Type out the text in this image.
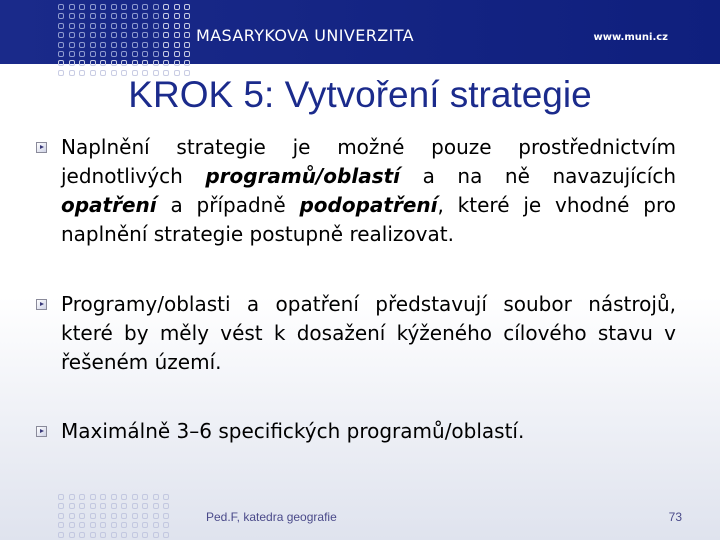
MASARYKOVA UNIVERZITA	www.muni.cz
KROK 5: Vytvoření strategie
Naplnění strategie je možné pouze prostřednictvím jednotlivých programů/oblastí a na ně navazujících opatření a případně podopatření, které je vhodné pro naplnění strategie postupně realizovat.
Programy/oblasti a opatření představují soubor nástrojů, které by měly vést k dosažení kýženého cílového stavu v řešeném území.
Maximálně 3–6 specifických programů/oblastí.
Ped.F, katedra geografie	73
